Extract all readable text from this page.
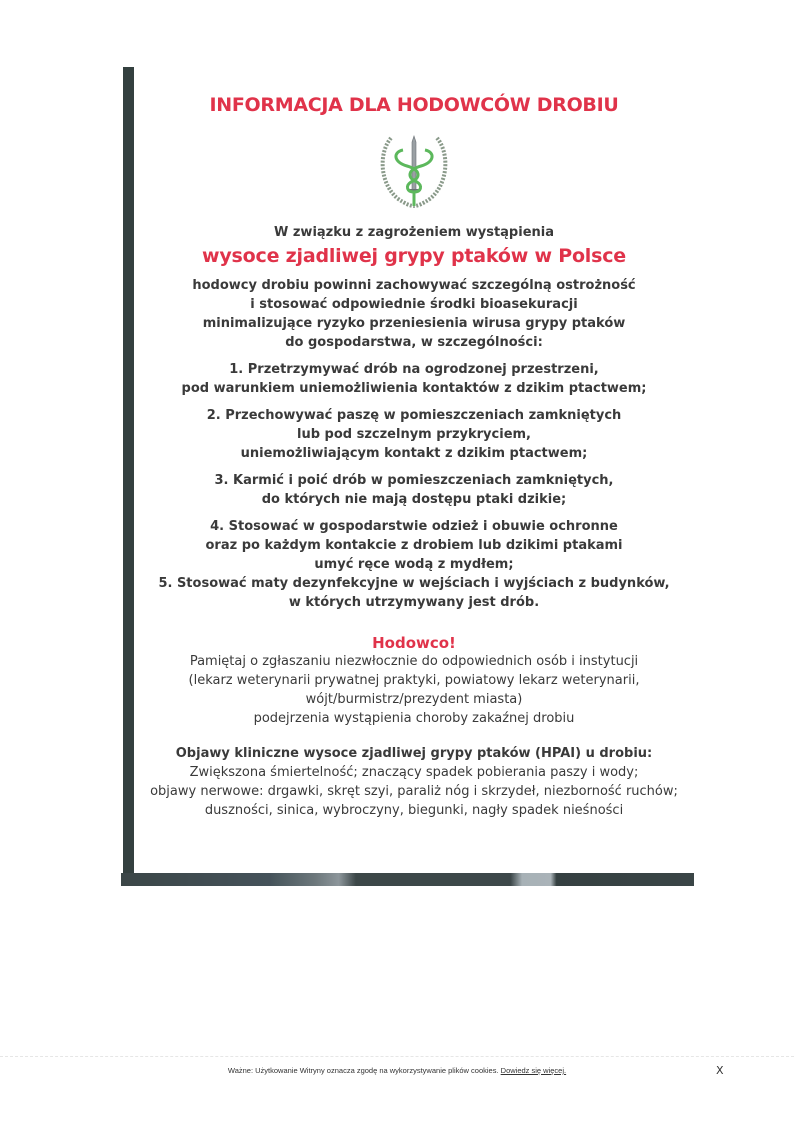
INFORMACJA DLA HODOWCÓW DROBIU
W związku z zagrożeniem wystąpienia
wysoce zjadliwej grypy ptaków w Polsce
hodowcy drobiu powinni zachowywać szczególną ostrożność
i stosować odpowiednie środki bioasekuracji
minimalizujące ryzyko przeniesienia wirusa grypy ptaków
do gospodarstwa, w szczególności:
1. Przetrzymywać drób na ogrodzonej przestrzeni,
pod warunkiem uniemożliwienia kontaktów z dzikim ptactwem;
2. Przechowywać paszę w pomieszczeniach zamkniętych
lub pod szczelnym przykryciem,
uniemożliwiającym kontakt z dzikim ptactwem;
3. Karmić i poić drób w pomieszczeniach zamkniętych,
do których nie mają dostępu ptaki dzikie;
4. Stosować w gospodarstwie odzież i obuwie ochronne
oraz po każdym kontakcie z drobiem lub dzikimi ptakami
umyć ręce wodą z mydłem;
5. Stosować maty dezynfekcyjne w wejściach i wyjściach z budynków,
w których utrzymywany jest drób.
Hodowco!
Pamiętaj o zgłaszaniu niezwłocznie do odpowiednich osób i instytucji
(lekarz weterynarii prywatnej praktyki, powiatowy lekarz weterynarii,
wójt/burmistrz/prezydent miasta)
podejrzenia wystąpienia choroby zakaźnej drobiu
Objawy kliniczne wysoce zjadliwej grypy ptaków (HPAI) u drobiu:
Zwiększona śmiertelność; znaczący spadek pobierania paszy i wody;
objawy nerwowe: drgawki, skręt szyi, paraliż nóg i skrzydeł, niezborność ruchów;
duszności, sinica, wybroczyny, biegunki, nagły spadek nieśności
Ważne: Użytkowanie Witryny oznacza zgodę na wykorzystywanie plików cookies. Dowiedz się więcej.	X
